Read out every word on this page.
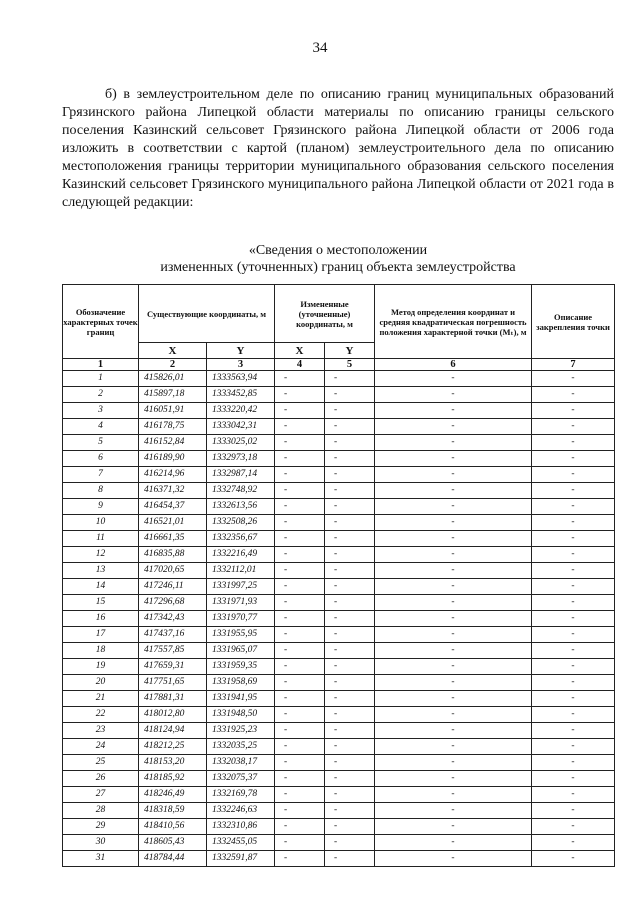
34

б) в землеустроительном деле по описанию границ муниципальных образований Грязинского района Липецкой области материалы по описанию границы сельского поселения Казинский сельсовет Грязинского района Липецкой области от 2006 года изложить в соответствии с картой (планом) землеустроительного дела по описанию местоположения границы территории муниципального образования сельского поселения Казинский сельсовет Грязинского муниципального района Липецкой области от 2021 года в следующей редакции:

«Сведения о местоположении
измененных (уточненных) границ объекта землеустройства
Обозначение характерных точек границ	Существующие координаты, м		Измененные (уточненные) координаты, м		Метод определения координат и средняя квадратическая погрешность положения характерной точки (Mₜ), м	Описание закрепления точки
	X	Y	X	Y		
1	2	3	4	5	6	7
1	415826,01	1333563,94	-	-	-	-
2	415897,18	1333452,85	-	-	-	-
3	416051,91	1333220,42	-	-	-	-
4	416178,75	1333042,31	-	-	-	-
5	416152,84	1333025,02	-	-	-	-
6	416189,90	1332973,18	-	-	-	-
7	416214,96	1332987,14	-	-	-	-
8	416371,32	1332748,92	-	-	-	-
9	416454,37	1332613,56	-	-	-	-
10	416521,01	1332508,26	-	-	-	-
11	416661,35	1332356,67	-	-	-	-
12	416835,88	1332216,49	-	-	-	-
13	417020,65	1332112,01	-	-	-	-
14	417246,11	1331997,25	-	-	-	-
15	417296,68	1331971,93	-	-	-	-
16	417342,43	1331970,77	-	-	-	-
17	417437,16	1331955,95	-	-	-	-
18	417557,85	1331965,07	-	-	-	-
19	417659,31	1331959,35	-	-	-	-
20	417751,65	1331958,69	-	-	-	-
21	417881,31	1331941,95	-	-	-	-
22	418012,80	1331948,50	-	-	-	-
23	418124,94	1331925,23	-	-	-	-
24	418212,25	1332035,25	-	-	-	-
25	418153,20	1332038,17	-	-	-	-
26	418185,92	1332075,37	-	-	-	-
27	418246,49	1332169,78	-	-	-	-
28	418318,59	1332246,63	-	-	-	-
29	418410,56	1332310,86	-	-	-	-
30	418605,43	1332455,05	-	-	-	-
31	418784,44	1332591,87	-	-	-	-
